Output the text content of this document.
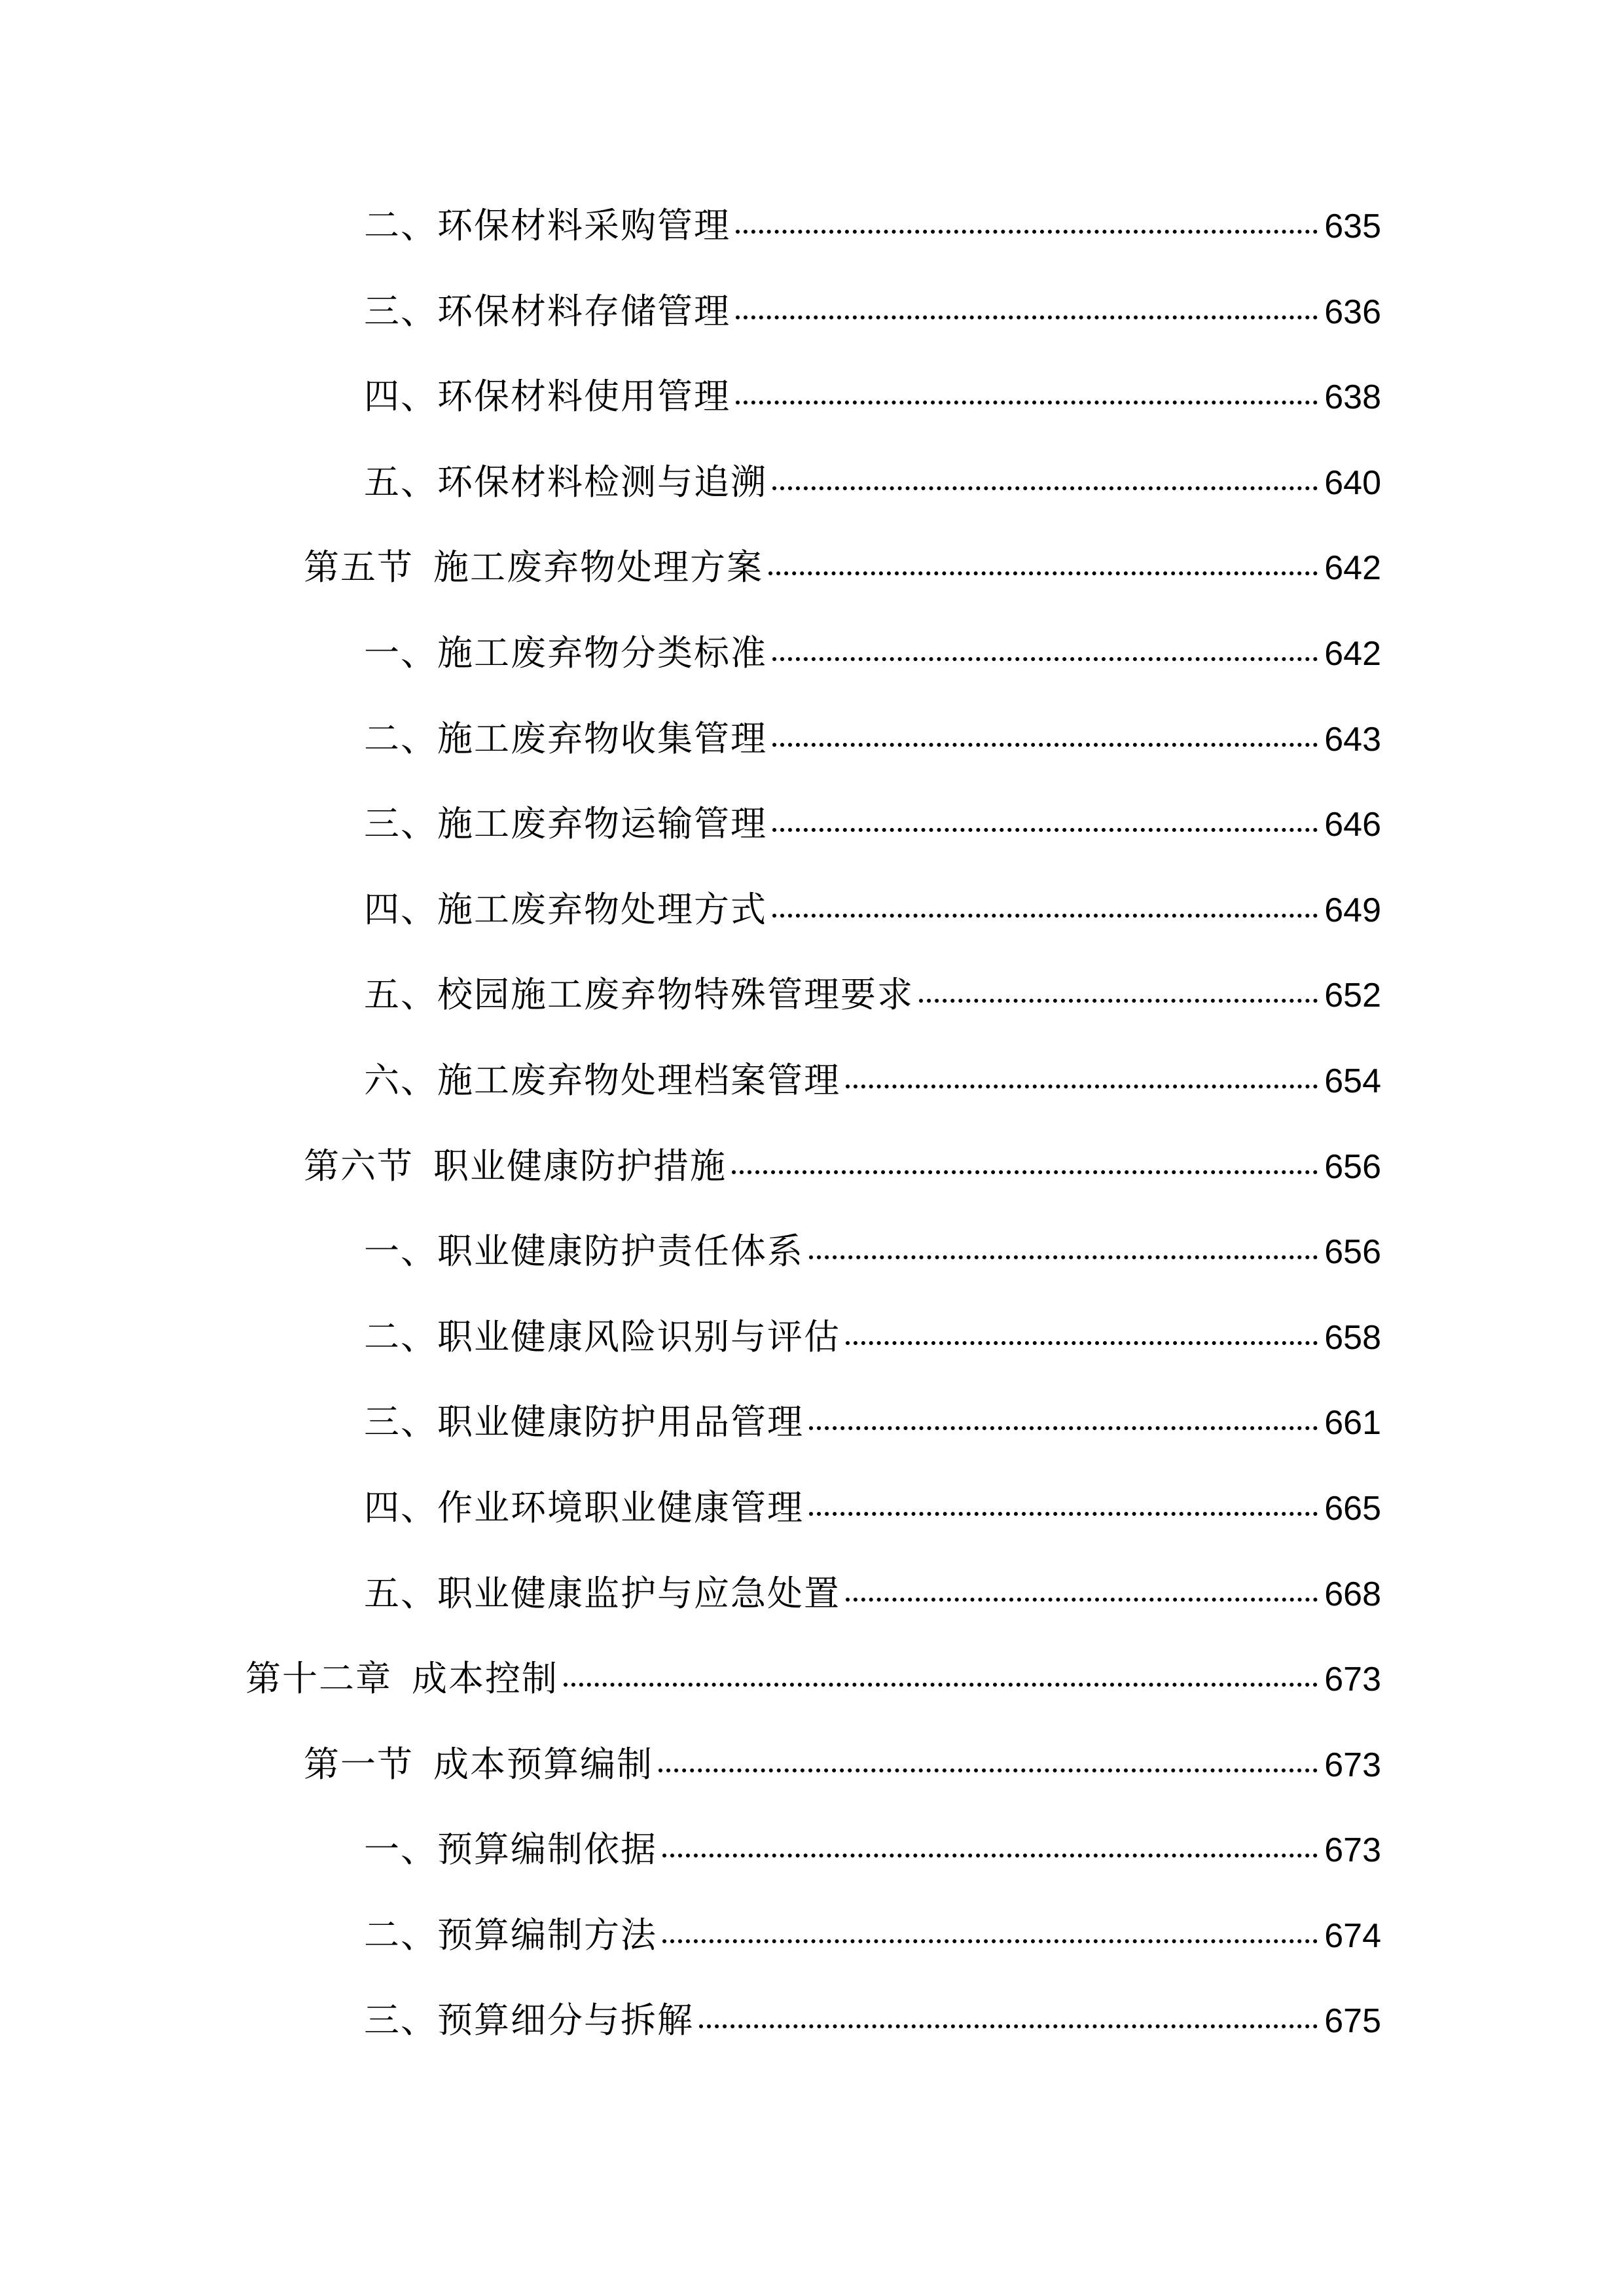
二、环保材料采购管理	635
三、环保材料存储管理	636
四、环保材料使用管理	638
五、环保材料检测与追溯	640
第五节 施工废弃物处理方案	642
一、施工废弃物分类标准	642
二、施工废弃物收集管理	643
三、施工废弃物运输管理	646
四、施工废弃物处理方式	649
五、校园施工废弃物特殊管理要求	652
六、施工废弃物处理档案管理	654
第六节 职业健康防护措施	656
一、职业健康防护责任体系	656
二、职业健康风险识别与评估	658
三、职业健康防护用品管理	661
四、作业环境职业健康管理	665
五、职业健康监护与应急处置	668
第十二章 成本控制	673
第一节 成本预算编制	673
一、预算编制依据	673
二、预算编制方法	674
三、预算细分与拆解	675
